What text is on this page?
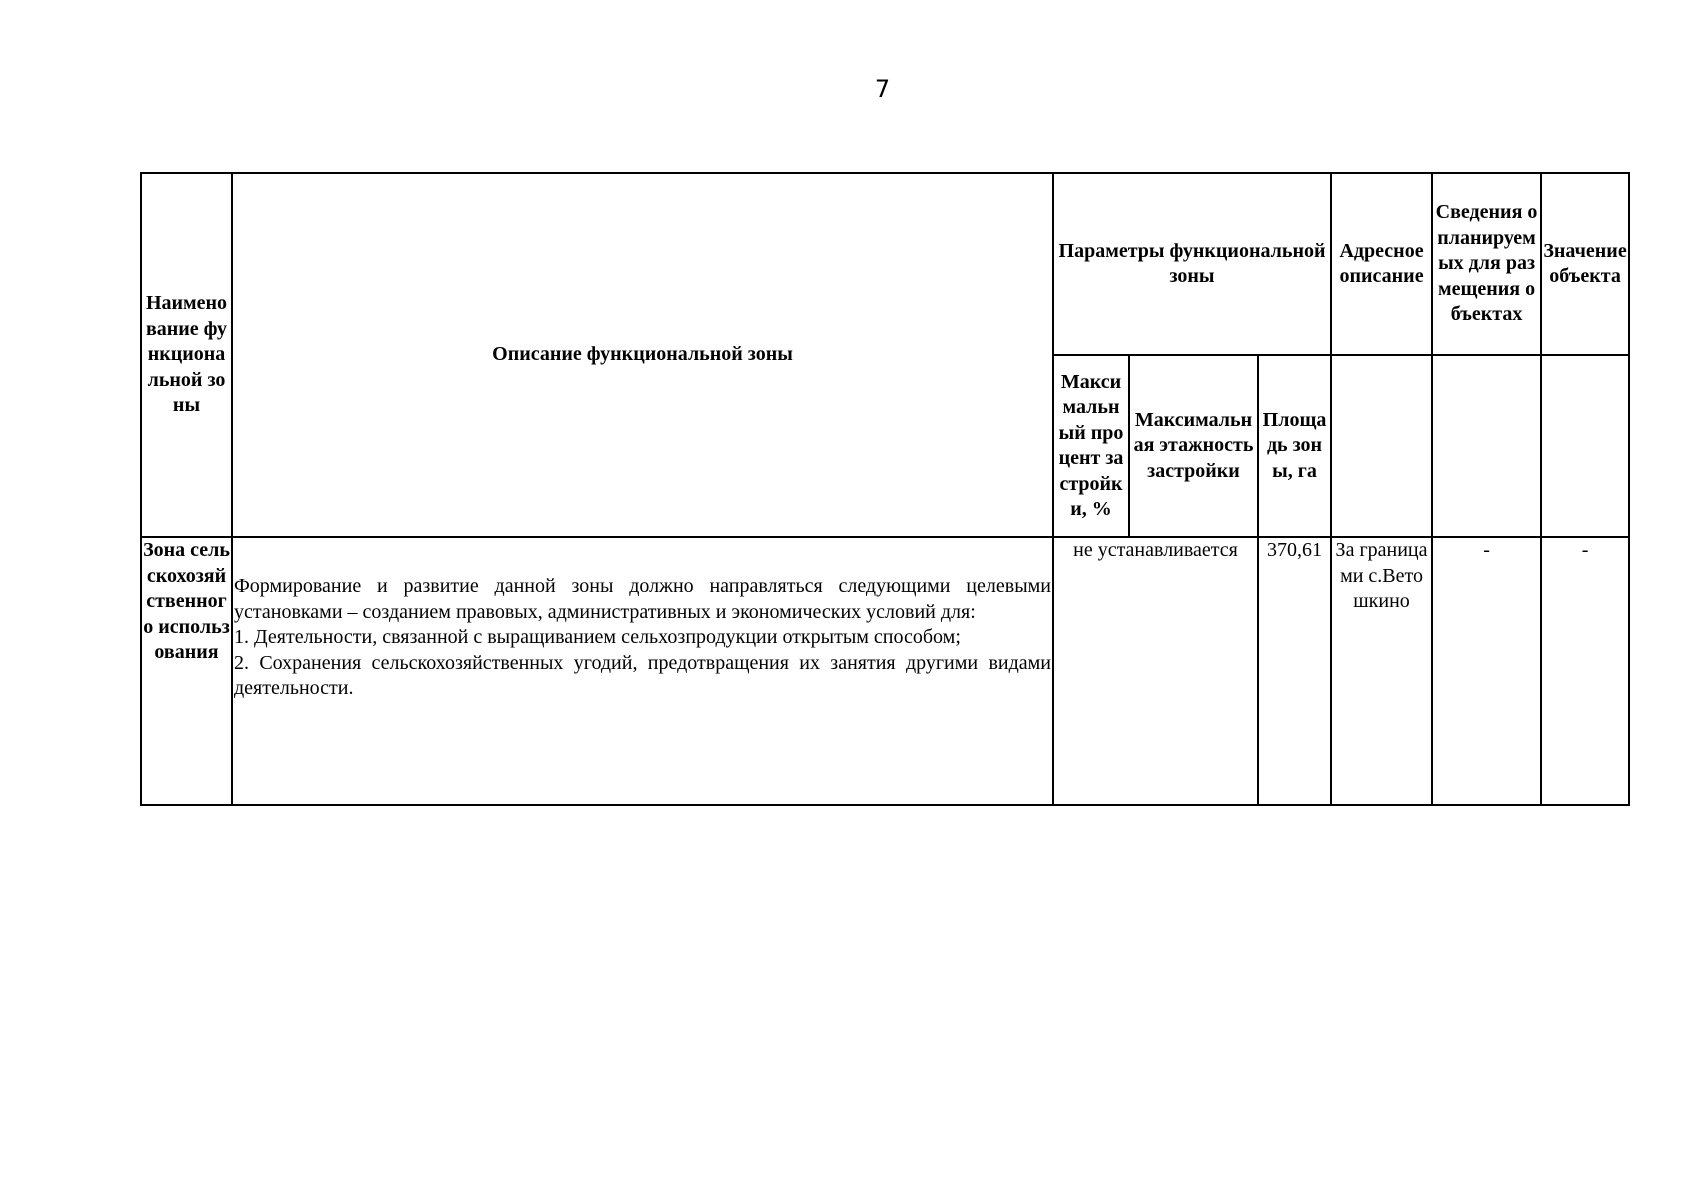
7
Наименование функциональной зоны	Описание функциональной зоны	Параметры функциональной зоны			Адресное описание	Сведения о планируемых для размещения объектах	Значение объекта
		Максимальный процент застройки, %	Максимальная этажность застройки	Площадь зоны, га			
Зона сельскохозяйственного использования	Формирование и развитие данной зоны должно направляться следующими целевыми установками – созданием правовых, административных и экономических условий для:

1. Деятельности, связанной с выращиванием сельхозпродукции открытым способом;

2. Сохранения сельскохозяйственных угодий, предотвращения их занятия другими видами деятельности.	не устанавливается		370,61	За границами с.Ветошкино	-	-
